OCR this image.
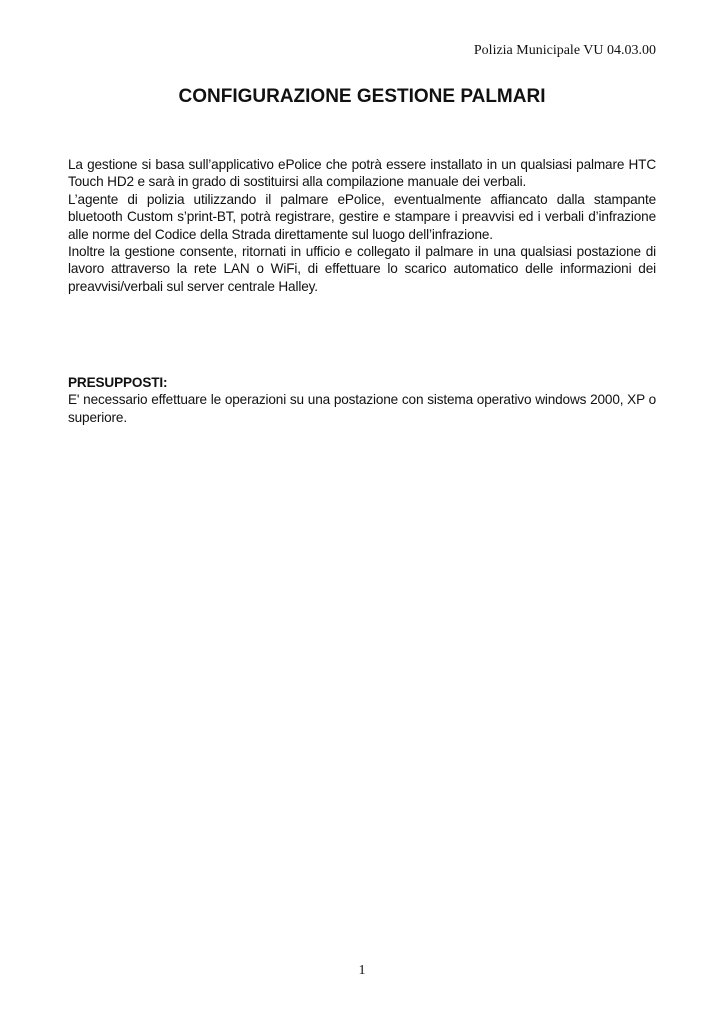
Polizia Municipale VU 04.03.00
CONFIGURAZIONE GESTIONE PALMARI

La gestione si basa sull’applicativo ePolice che potrà essere installato in un qualsiasi palmare HTC Touch HD2 e sarà in grado di sostituirsi alla compilazione manuale dei verbali.

L’agente di polizia utilizzando il palmare ePolice, eventualmente affiancato dalla stampante bluetooth Custom s’print-BT, potrà registrare, gestire e stampare i preavvisi ed i verbali d’infrazione alle norme del Codice della Strada direttamente sul luogo dell’infrazione.

Inoltre la gestione consente, ritornati in ufficio e collegato il palmare in una qualsiasi postazione di lavoro attraverso la rete LAN o WiFi, di effettuare lo scarico automatico delle informazioni dei preavvisi/verbali sul server centrale Halley.

PRESUPPOSTI:

E' necessario effettuare le operazioni su una postazione con sistema operativo windows 2000, XP o superiore.

1
